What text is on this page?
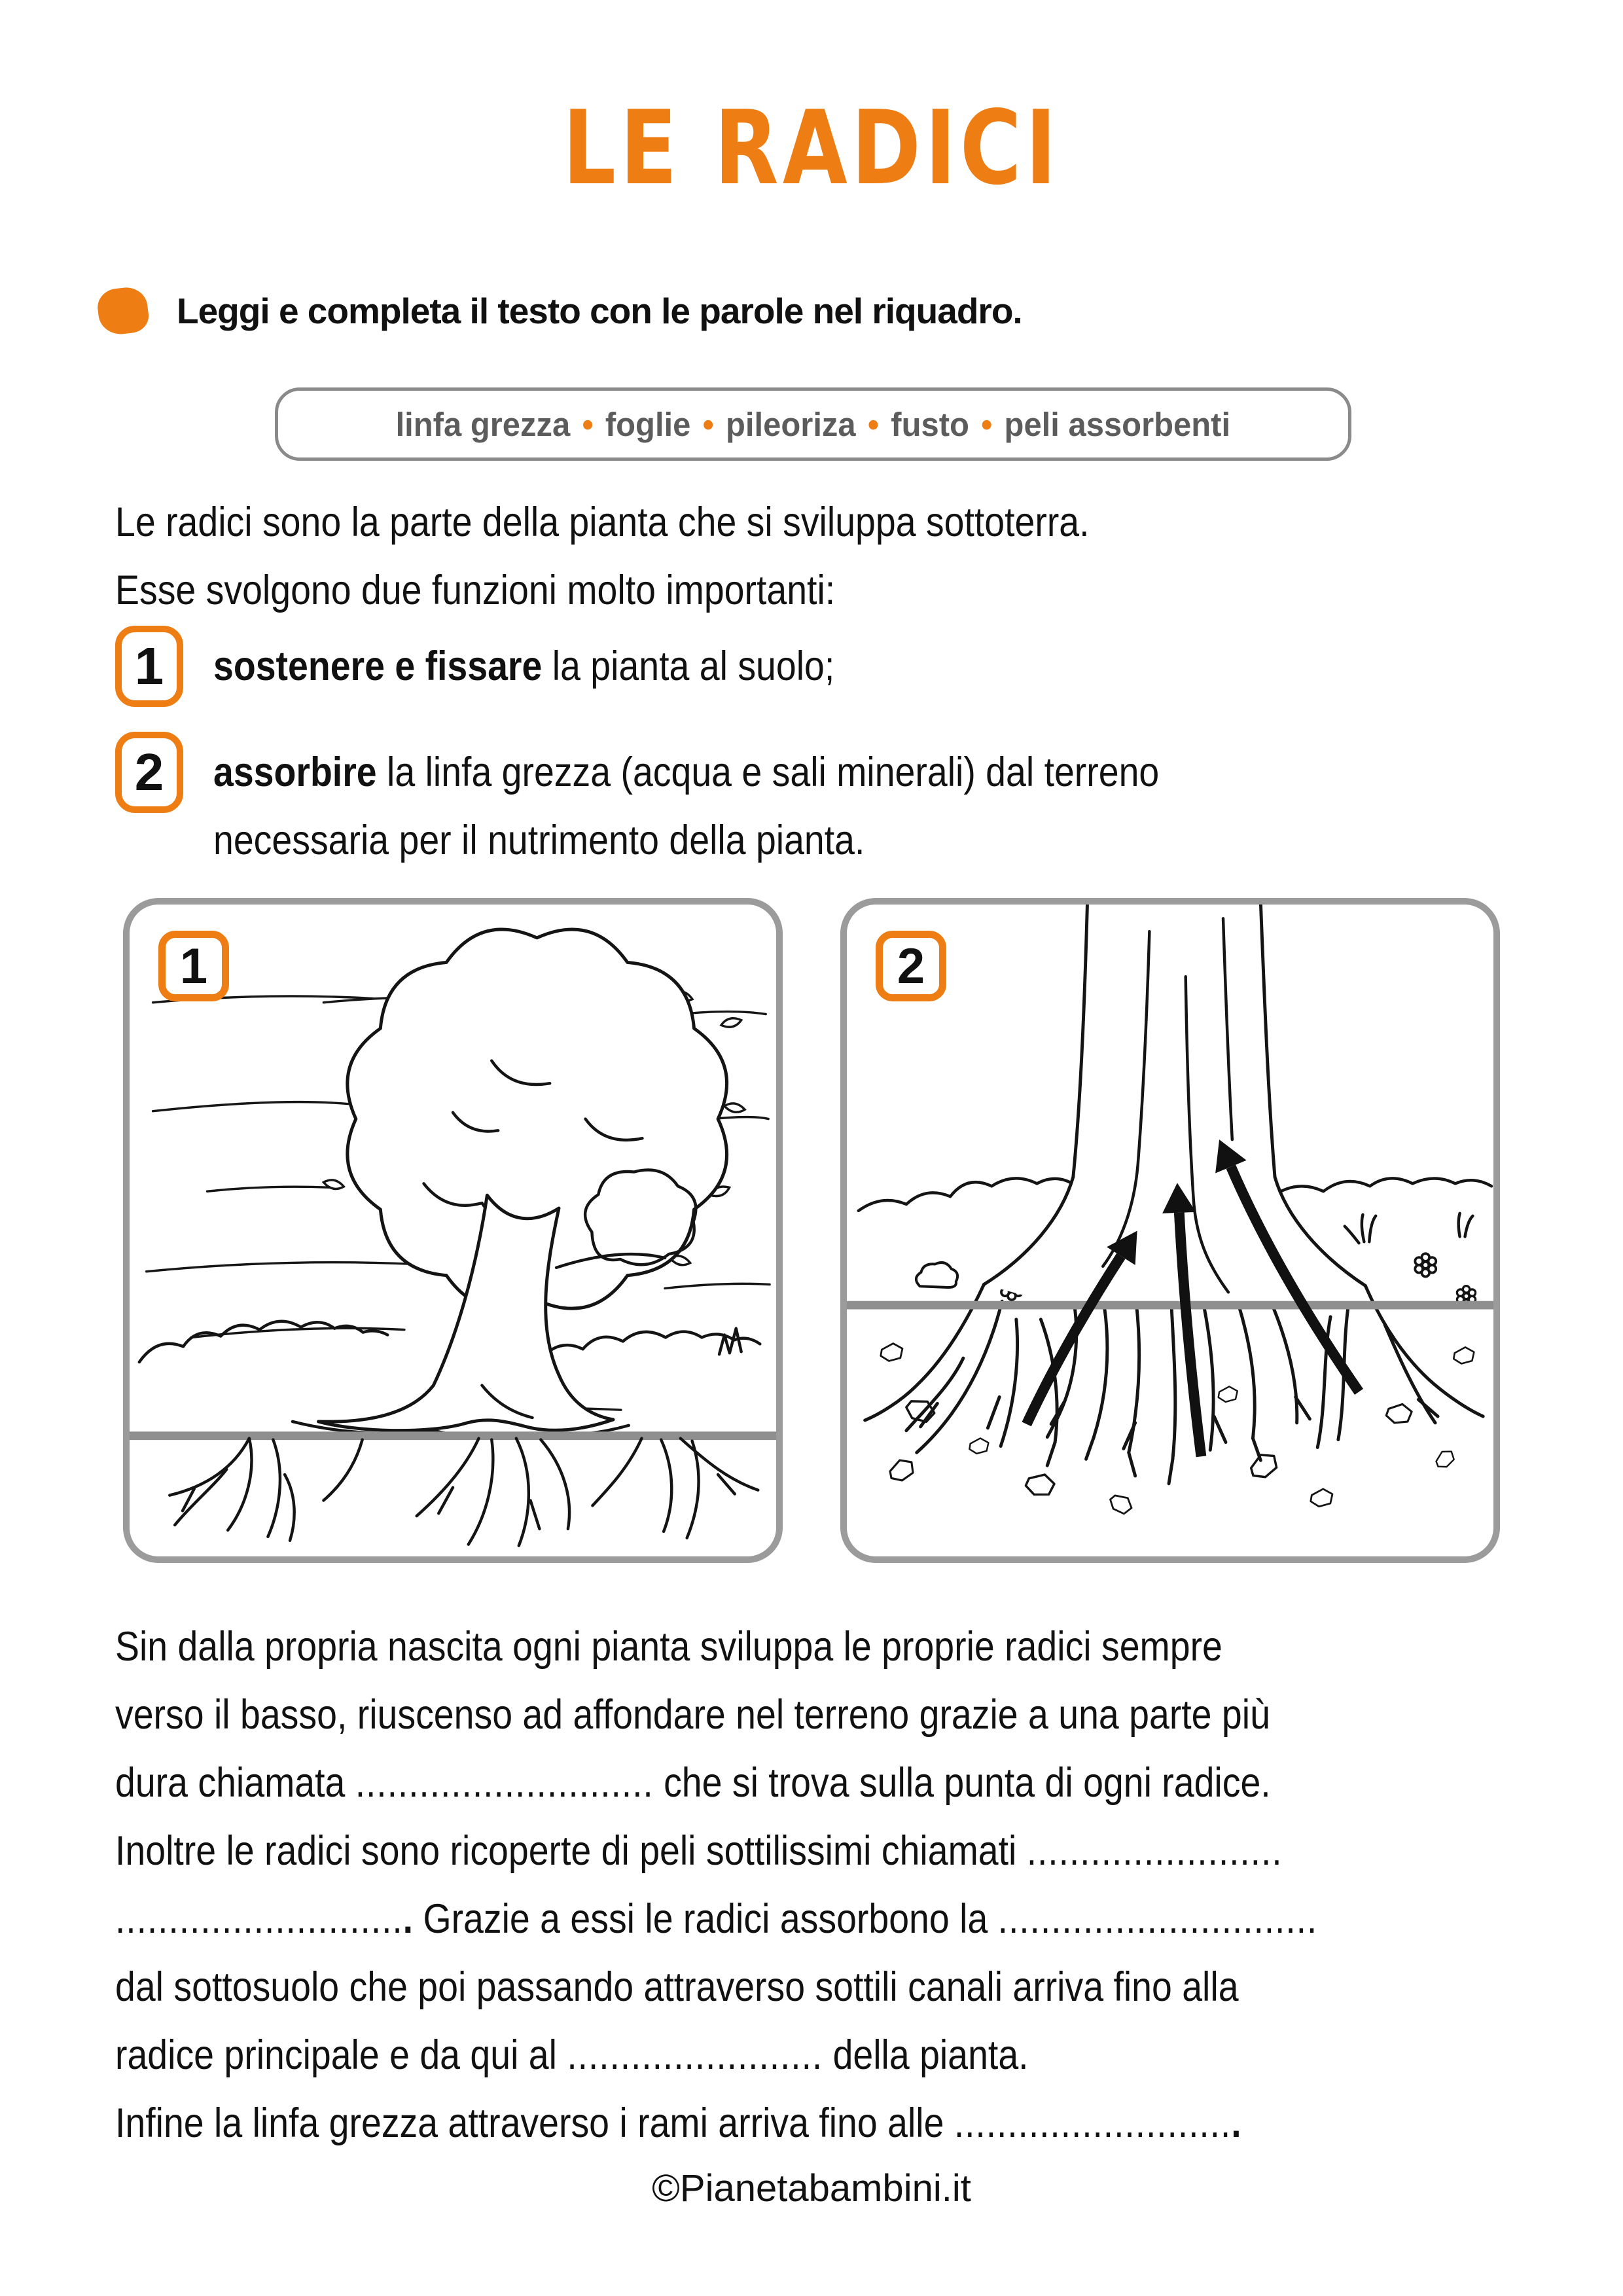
LE RADICI
Leggi e completa il testo con le parole nel riquadro.
linfa grezza • foglie • pileoriza • fusto • peli assorbenti
Le radici sono la parte della pianta che si sviluppa sottoterra.
Esse svolgono due funzioni molto importanti:
1	sostenere e fissare la pianta al suolo;
2	assorbire la linfa grezza (acqua e sali minerali) dal terreno
necessaria per il nutrimento della pianta.
1	2
Sin dalla propria nascita ogni pianta sviluppa le proprie radici sempre
verso il basso, riuscenso ad affondare nel terreno grazie a una parte più
dura chiamata ............................ che si trova sulla punta di ogni radice.
Inoltre le radici sono ricoperte di peli sottilissimi chiamati ........................
............................ Grazie a essi le radici assorbono la ..............................
dal sottosuolo che poi passando attraverso sottili canali arriva fino alla
radice principale e da qui al ........................ della pianta.
Infine la linfa grezza attraverso i rami arriva fino alle ...........................
©Pianetabambini.it
